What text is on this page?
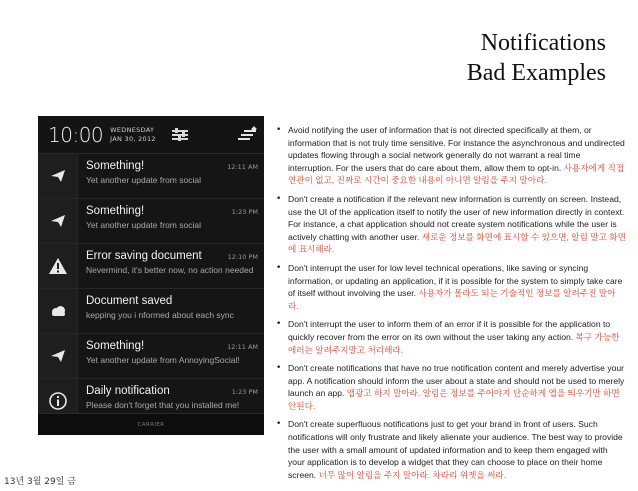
Notifications
Bad Examples
10:00 WEDNESDAY
JAN 30, 2012
Something!	12:11 AM
Yet another update from social
Something!	1:23 PM
Yet another update from social
Error saving document	12:10 PM
Nevermind, it's better now, no action needed
Document saved
kepping you i nformed about each sync
Something!	12:11 AM
Yet another update from AnnoyingSocial!
Daily notification	1:23 PM
Please don't forget that you installed me!
CARRIER
• Avoid notifying the user of information that is not directed specifically at them, or information that is not truly time sensitive. For instance the asynchronous and undirected updates flowing through a social network generally do not warrant a real time interruption. For the users that do care about them, allow them to opt-in. 사용자에게 직접 연관이 없고, 진짜로 시간이 중요한 내용이 아니면 알림을 주지 말아라.
• Don't create a notification if the relevant new information is currently on screen. Instead, use the UI of the application itself to notify the user of new information directly in context. For instance, a chat application should not create system notifications while the user is actively chatting with another user. 새로운 정보를 화면에 표시할 수 있으면, 알림 말고 화면에 표시해라.
• Don't interrupt the user for low level technical operations, like saving or syncing information, or updating an application, if it is possible for the system to simply take care of itself without involving the user. 사용자가 몰라도 되는 기술적인 정보를 알려주진 말아라.
• Don't interrupt the user to inform them of an error if it is possible for the application to quickly recover from the error on its own without the user taking any action. 복구 가능한 에러는 알려주지말고 처리해라.
• Don't create notifications that have no true notification content and merely advertise your app. A notification should inform the user about a state and should not be used to merely launch an app. 앱광고 하지 말아라. 알림은 정보를 주어야지 단순하게 앱을 띄우기만 하면 안된다.
• Don't create superfluous notifications just to get your brand in front of users. Such notifications will only frustrate and likely alienate your audience. The best way to provide the user with a small amount of updated information and to keep them engaged with your application is to develop a widget that they can choose to place on their home screen. 너무 많이 알림을 주지 말아라. 차라리 위젯을 써라.
13년 3월 29일 금
